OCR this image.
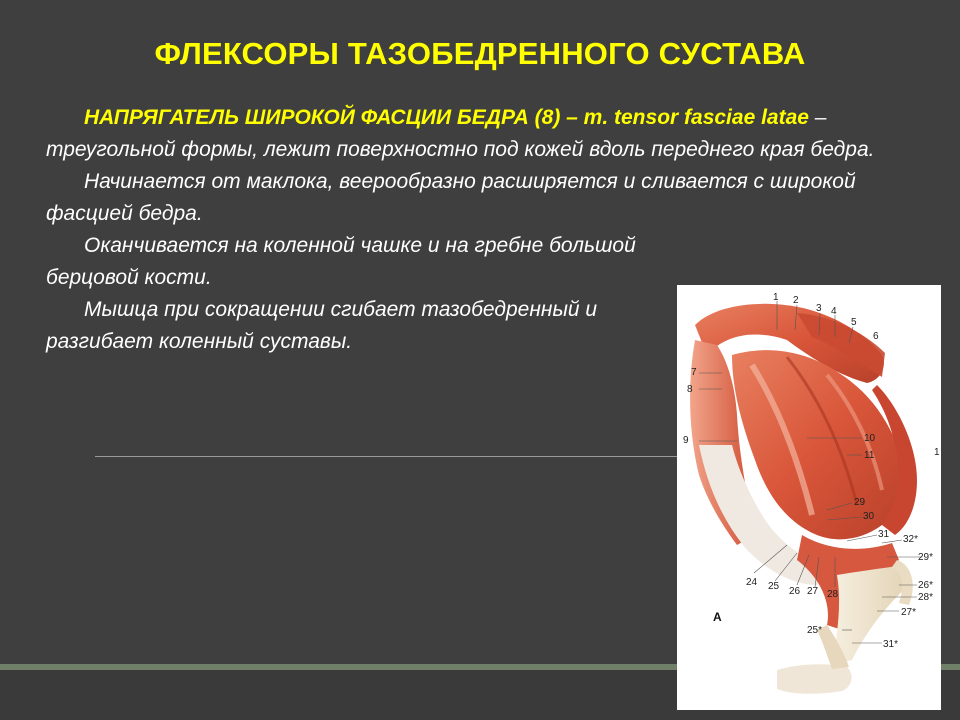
ФЛЕКСОРЫ ТАЗОБЕДРЕННОГО СУСТАВА

НАПРЯГАТЕЛЬ ШИРОКОЙ ФАСЦИИ БЕДРА (8) – m. tensor fasciae latae – треугольной формы, лежит поверхностно под кожей вдоль переднего края бедра.

Начинается от маклока, веерообразно расширяется и сливается с широкой фасцией бедра.

Оканчивается на коленной чашке и на гребне большой берцовой кости.

Мышца при сокращении сгибает тазобедренный и разгибает коленный суставы.

1 2
3 4
5
6
7
8
9	10
11	1
29
30
31 32*
29*
26*
28*
27*
24 25 26 27 28
25*
31*
А
